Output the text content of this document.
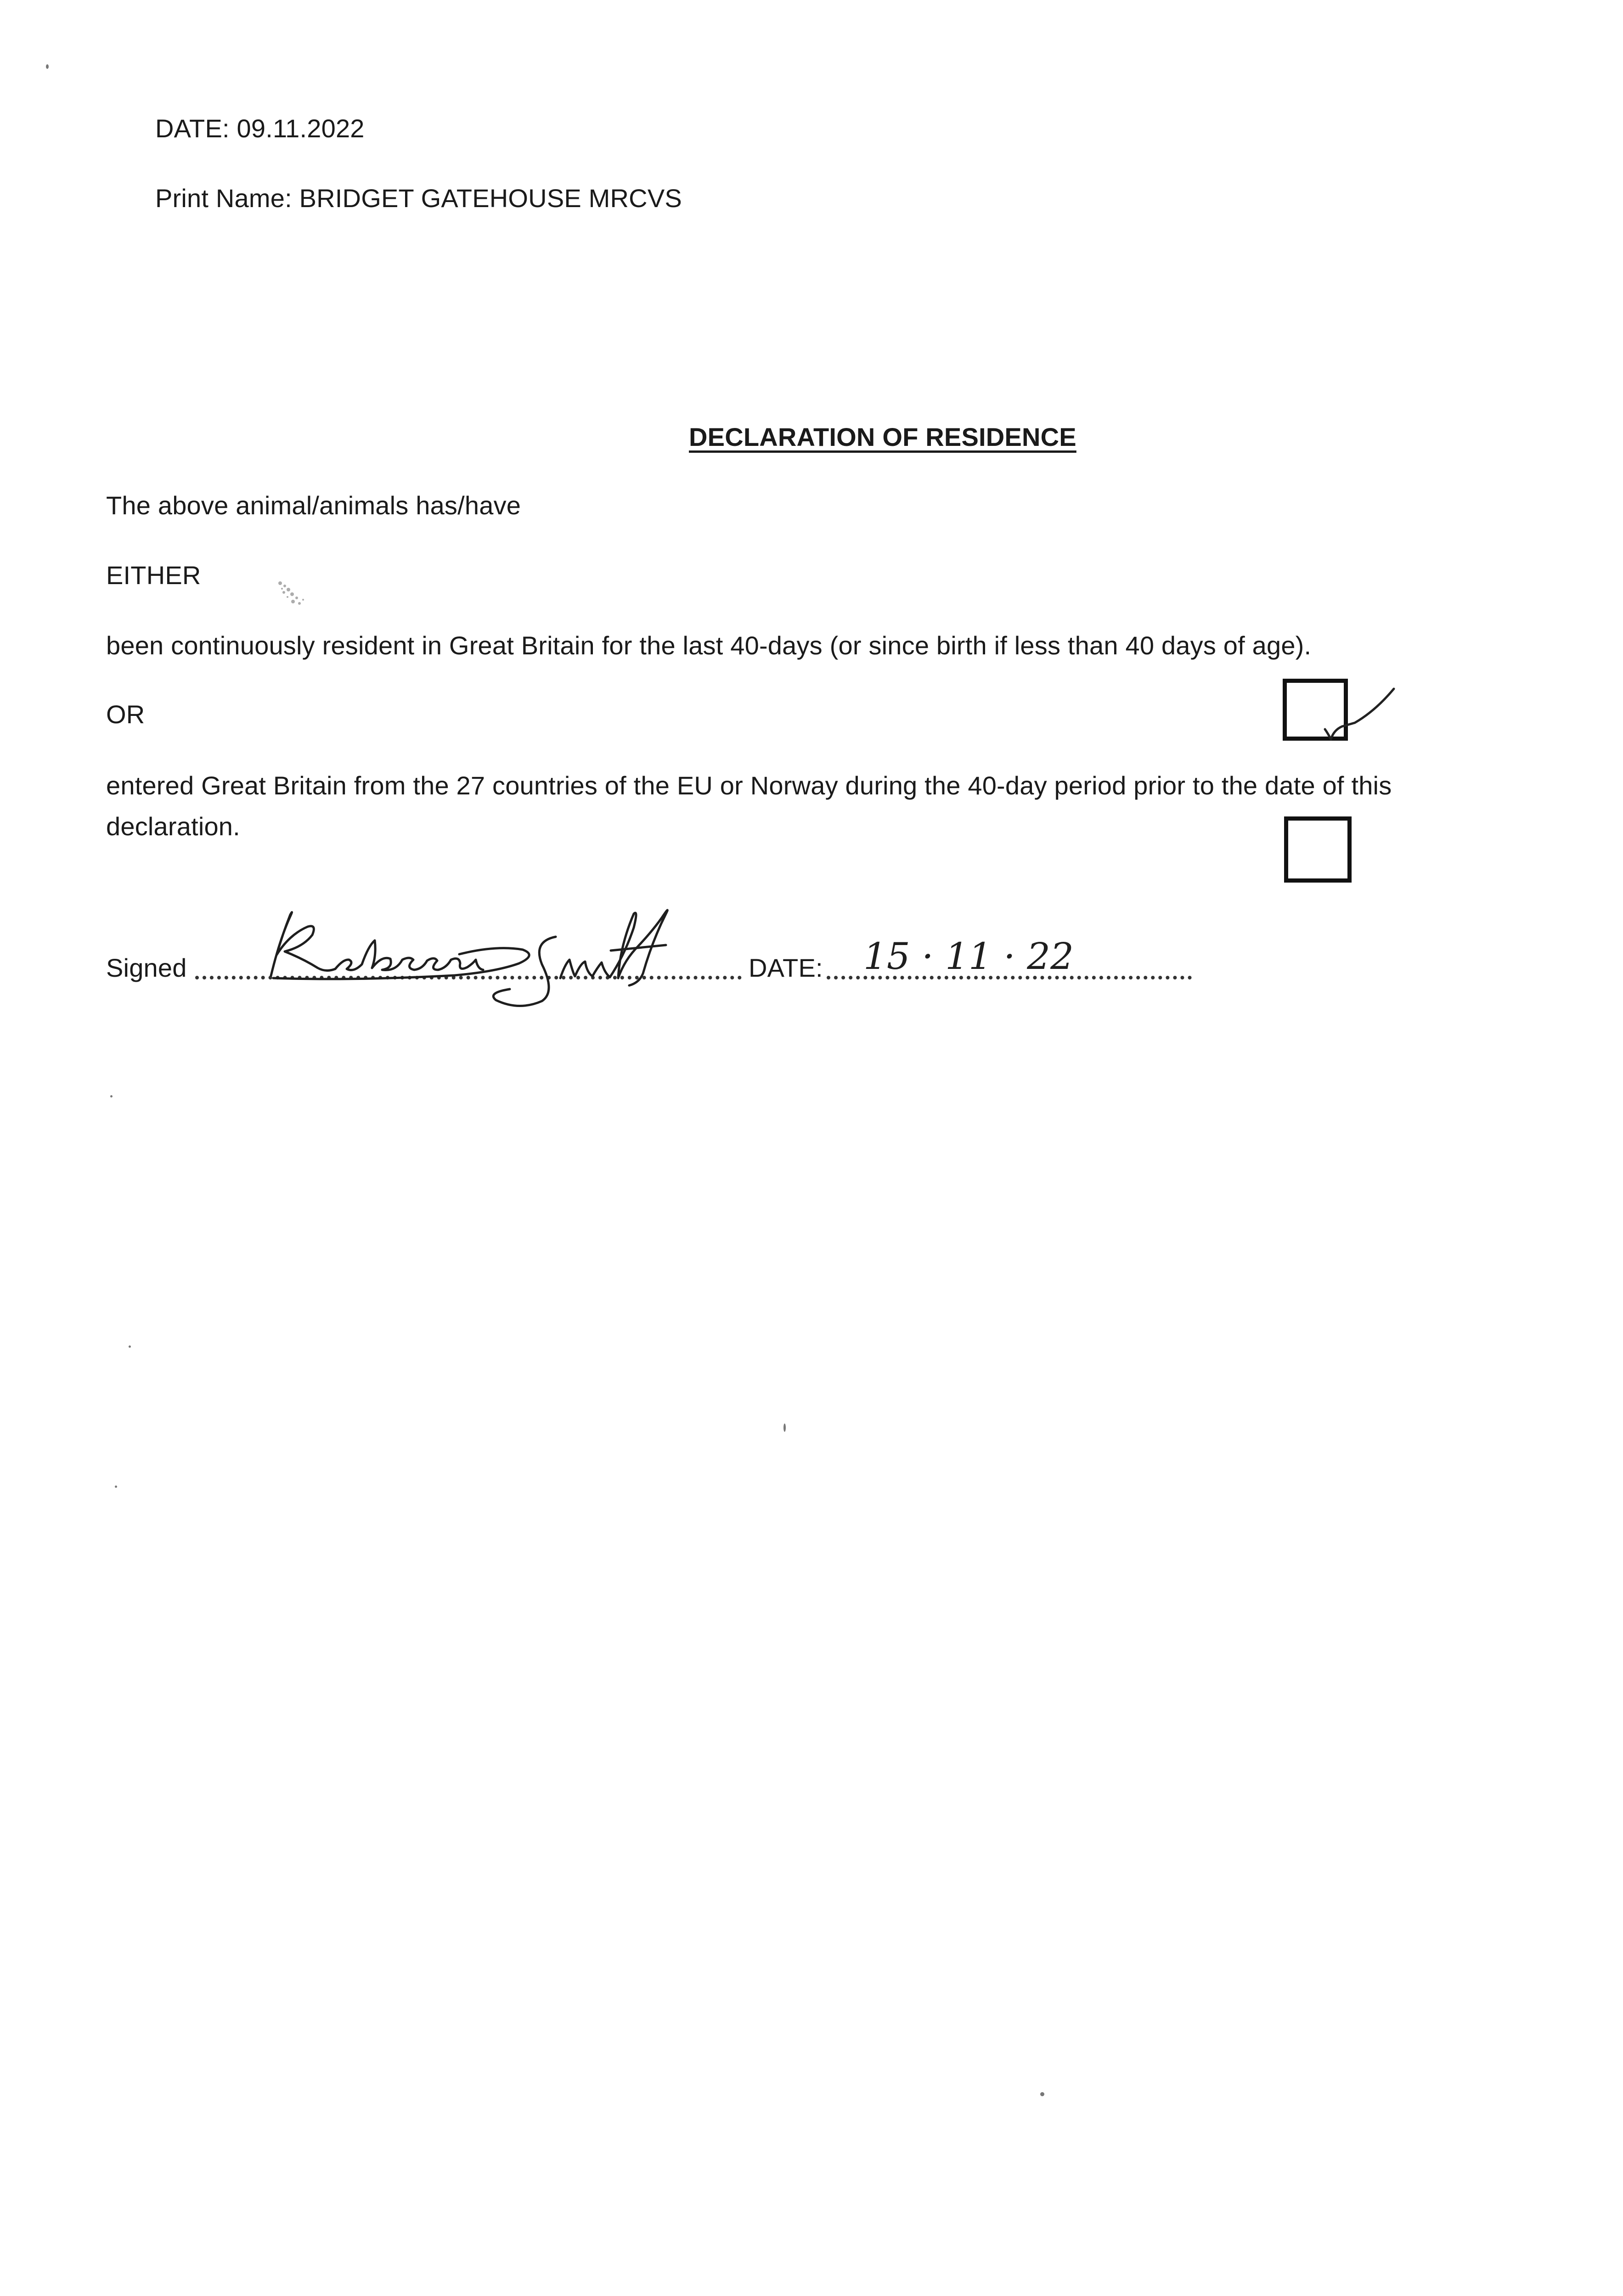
DATE: 09.11.2022
Print Name: BRIDGET GATEHOUSE MRCVS
DECLARATION OF RESIDENCE
The above animal/animals has/have
EITHER
been continuously resident in Great Britain for the last 40-days (or since birth if less than 40 days of age).
OR
entered Great Britain from the 27 countries of the EU or Norway during the 40-day period prior to the date of this
declaration.
Signed	DATE: 15 · 11 · 22
